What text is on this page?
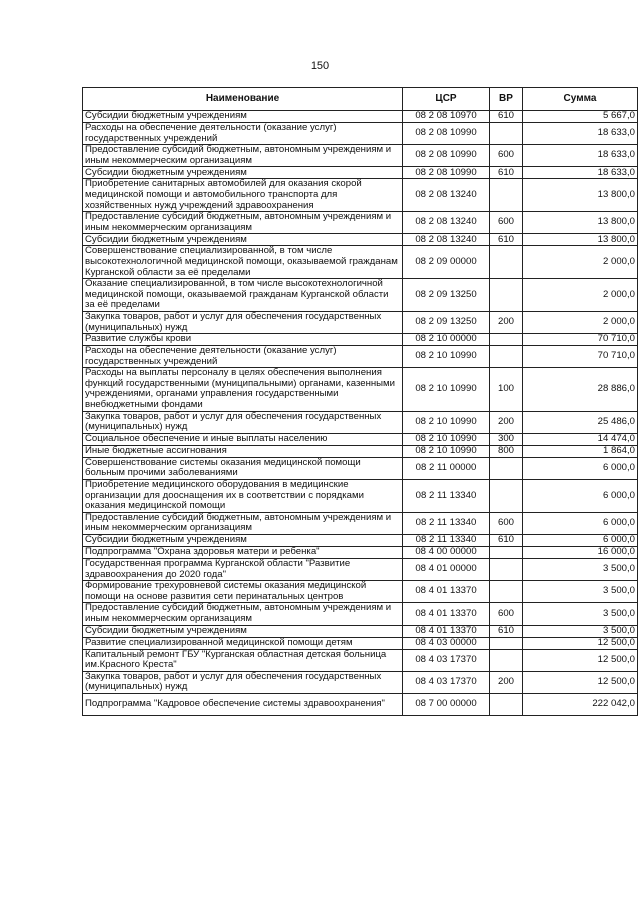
150
Наименование	ЦСР	ВР	Сумма
Субсидии бюджетным учреждениям	08 2 08 10970	610	5 667,0
Расходы на обеспечение деятельности (оказание услуг) государственных учреждений	08 2 08 10990		18 633,0
Предоставление субсидий бюджетным, автономным учреждениям и иным некоммерческим организациям	08 2 08 10990	600	18 633,0
Субсидии бюджетным учреждениям	08 2 08 10990	610	18 633,0
Приобретение санитарных автомобилей для оказания скорой медицинской помощи и автомобильного транспорта для хозяйственных нужд учреждений здравоохранения	08 2 08 13240		13 800,0
Предоставление субсидий бюджетным, автономным учреждениям и иным некоммерческим организациям	08 2 08 13240	600	13 800,0
Субсидии бюджетным учреждениям	08 2 08 13240	610	13 800,0
Совершенствование специализированной, в том числе высокотехнологичной медицинской помощи, оказываемой гражданам Курганской области за её пределами	08 2 09 00000		2 000,0
Оказание специализированной, в том числе высокотехнологичной медицинской помощи, оказываемой гражданам Курганской области за её пределами	08 2 09 13250		2 000,0
Закупка товаров, работ и услуг для обеспечения государственных (муниципальных) нужд	08 2 09 13250	200	2 000,0
Развитие службы крови	08 2 10 00000		70 710,0
Расходы на обеспечение деятельности (оказание услуг) государственных учреждений	08 2 10 10990		70 710,0
Расходы на выплаты персоналу в целях обеспечения выполнения функций государственными (муниципальными) органами, казенными учреждениями, органами управления государственными внебюджетными фондами	08 2 10 10990	100	28 886,0
Закупка товаров, работ и услуг для обеспечения государственных (муниципальных) нужд	08 2 10 10990	200	25 486,0
Социальное обеспечение и иные выплаты населению	08 2 10 10990	300	14 474,0
Иные бюджетные ассигнования	08 2 10 10990	800	1 864,0
Совершенствование системы оказания медицинской помощи больным прочими заболеваниями	08 2 11 00000		6 000,0
Приобретение медицинского оборудования в медицинские организации для дооснащения их в соответствии с порядками оказания медицинской помощи	08 2 11 13340		6 000,0
Предоставление субсидий бюджетным, автономным учреждениям и иным некоммерческим организациям	08 2 11 13340	600	6 000,0
Субсидии бюджетным учреждениям	08 2 11 13340	610	6 000,0
Подпрограмма "Охрана здоровья матери и ребенка"	08 4 00 00000		16 000,0
Государственная программа Курганской области "Развитие здравоохранения до 2020 года"	08 4 01 00000		3 500,0
Формирование трехуровневой системы оказания медицинской помощи на основе развития сети перинатальных центров	08 4 01 13370		3 500,0
Предоставление субсидий бюджетным, автономным учреждениям и иным некоммерческим организациям	08 4 01 13370	600	3 500,0
Субсидии бюджетным учреждениям	08 4 01 13370	610	3 500,0
Развитие специализированной медицинской помощи детям	08 4 03 00000		12 500,0
Капитальный ремонт ГБУ "Курганская областная детская больница им.Красного Креста"	08 4 03 17370		12 500,0
Закупка товаров, работ и услуг для обеспечения государственных (муниципальных) нужд	08 4 03 17370	200	12 500,0
Подпрограмма "Кадровое обеспечение системы здравоохранения"	08 7 00 00000		222 042,0
